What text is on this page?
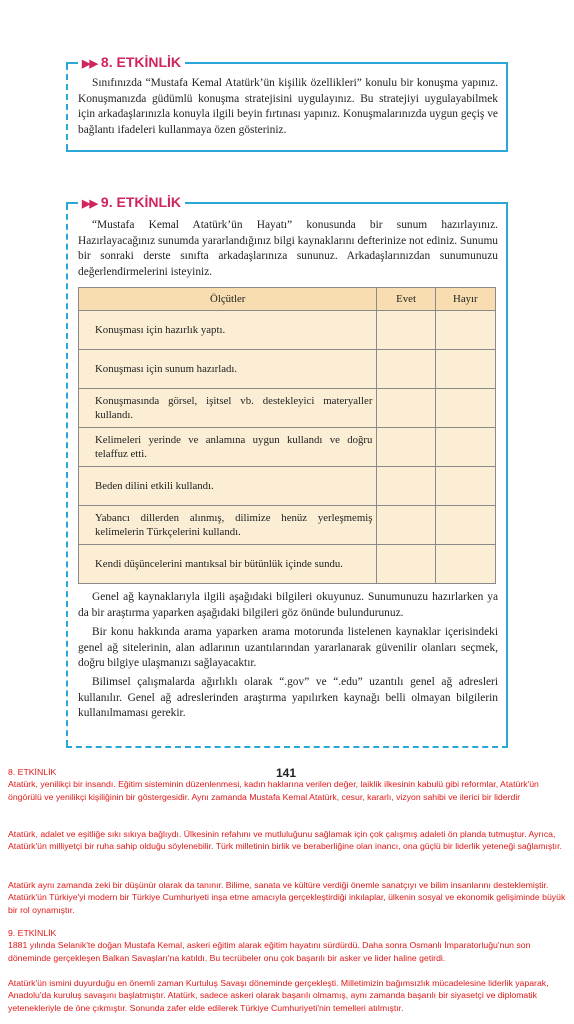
▶▶ 8. ETKİNLİK

Sınıfınızda “Mustafa Kemal Atatürk’ün kişilik özellikleri” konulu bir konuşma yapınız. Konuşmanızda güdümlü konuşma stratejisini uygulayınız. Bu stratejiyi uygulayabilmek için arkadaşlarınızla konuyla ilgili beyin fırtınası yapınız. Konuşmalarınızda uygun geçiş ve bağlantı ifadeleri kullanmaya özen gösteriniz.

▶▶ 9. ETKİNLİK

“Mustafa Kemal Atatürk’ün Hayatı” konusunda bir sunum hazırlayınız. Hazırlayacağınız sunumda yararlandığınız bilgi kaynaklarını defterinize not ediniz. Sunumu bir sonraki derste sınıfta arkadaşlarınıza sununuz. Arkadaşlarınızdan sunumunuzu değerlendirmelerini isteyiniz.

Ölçütler	Evet	Hayır
Konuşması için hazırlık yaptı.		
Konuşması için sunum hazırladı.		
Konuşmasında görsel, işitsel vb. destekleyici materyaller kullandı.		
Kelimeleri yerinde ve anlamına uygun kullandı ve doğru telaffuz etti.		
Beden dilini etkili kullandı.		
Yabancı dillerden alınmış, dilimize henüz yerleşmemiş kelimelerin Türkçelerini kullandı.		
Kendi düşüncelerini mantıksal bir bütünlük içinde sundu.		

Genel ağ kaynaklarıyla ilgili aşağıdaki bilgileri okuyunuz. Sunumunuzu hazırlarken ya da bir araştırma yaparken aşağıdaki bilgileri göz önünde bulundurunuz.

Bir konu hakkında arama yaparken arama motorunda listelenen kaynaklar içerisindeki genel ağ sitelerinin, alan adlarının uzantılarından yararlanarak güvenilir olanları seçmek, doğru bilgiye ulaşmanızı sağlayacaktır.

Bilimsel çalışmalarda ağırlıklı olarak “.gov” ve “.edu” uzantılı genel ağ adresleri kullanılır. Genel ağ adreslerinden araştırma yapılırken kaynağı belli olmayan bilgilerin kullanılmaması gerekir.

141
8. ETKİNLİK
Atatürk, yenilikçi bir insandı. Eğitim sisteminin düzenlenmesi, kadın haklarına verilen değer, laiklik ilkesinin kabulü gibi reformlar, Atatürk'ün öngörülü ve yenilikçi kişiliğinin bir göstergesidir. Aynı zamanda Mustafa Kemal Atatürk, cesur, kararlı, vizyon sahibi ve ilerici bir liderdir
Atatürk, adalet ve eşitliğe sıkı sıkıya bağlıydı. Ülkesinin refahını ve mutluluğunu sağlamak için çok çalışmış adaleti ön planda tutmuştur. Ayrıca, Atatürk'ün milliyetçi bir ruha sahip olduğu söylenebilir. Türk milletinin birlik ve beraberliğine olan inancı, ona güçlü bir liderlik yeteneği sağlamıştır.
Atatürk aynı zamanda zeki bir düşünür olarak da tanınır. Bilime, sanata ve kültüre verdiği önemle sanatçıyı ve bilim insanlarını desteklemiştir. Atatürk'ün Türkiye'yi modern bir Türkiye Cumhuriyeti inşa etme amacıyla gerçekleştirdiği inkılaplar, ülkenin sosyal ve ekonomik gelişiminde büyük bir rol oynamıştır.
9. ETKİNLİK
1881 yılında Selanik'te doğan Mustafa Kemal, askeri eğitim alarak eğitim hayatını sürdürdü. Daha sonra Osmanlı İmparatorluğu'nun son döneminde gerçekleşen Balkan Savaşları'na katıldı. Bu tecrübeler onu çok başarılı bir asker ve lider haline getirdi.
Atatürk'ün ismini duyurduğu en önemli zaman Kurtuluş Savaşı döneminde gerçekleşti. Milletimizin bağımsızlık mücadelesine liderlik yaparak, Anadolu'da kuruluş savaşını başlatmıştır. Atatürk, sadece askeri olarak başarılı olmamış, aynı zamanda başarılı bir siyasetçi ve diplomatik yetenekleriyle de öne çıkmıştır. Sonunda zafer elde edilerek Türkiye Cumhuriyeti'nin temelleri atılmıştır.
